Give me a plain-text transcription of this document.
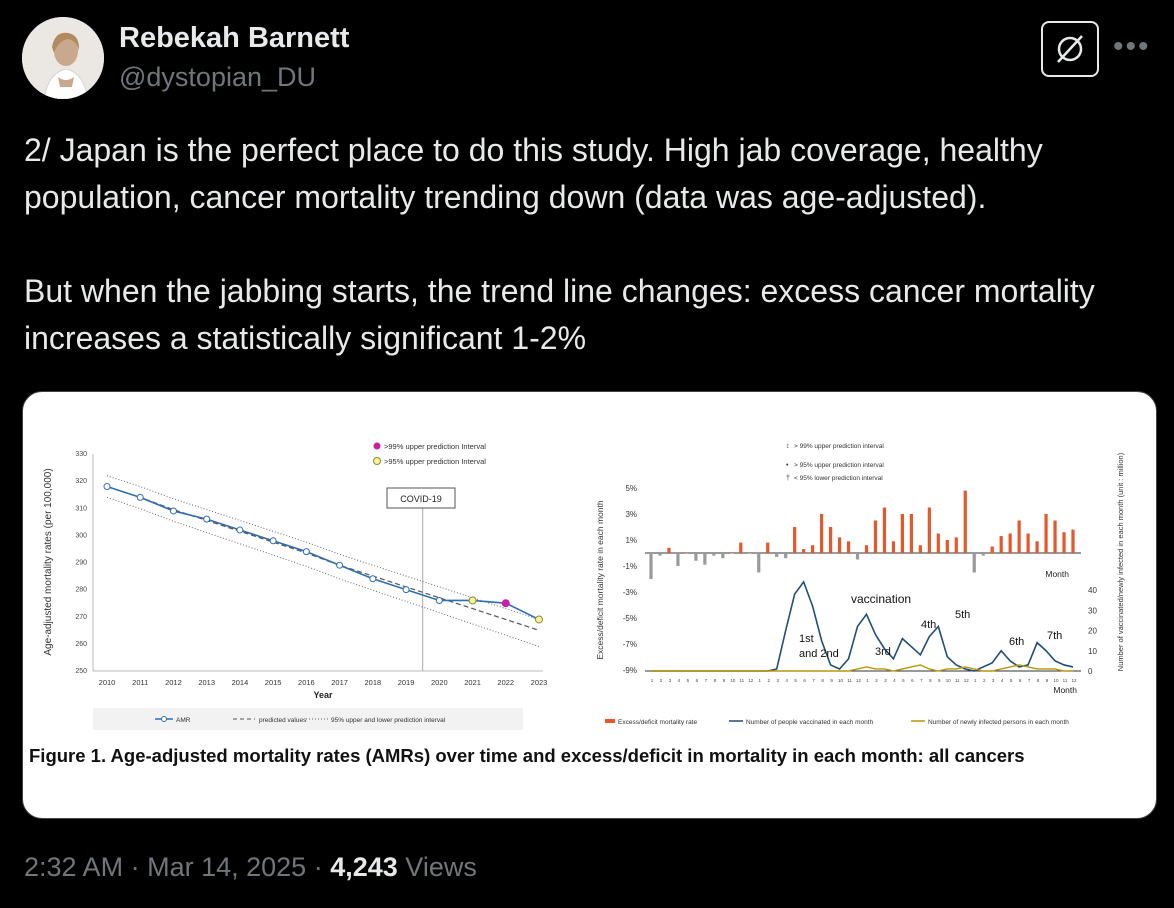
Rebekah Barnett
@dystopian_DU
•••

2/ Japan is the perfect place to do this study. High jab coverage, healthy population, cancer mortality trending down (data was age-adjusted).

But when the jabbing starts, the trend line changes: excess cancer mortality increases a statistically significant 1-2%

Age-adjusted mortality rates (per 100,000)
250
260
270
280
290
300
310
320
330
2010 2011 2012 2013 2014 2015 2016 2017 2018 2019 2020 2021 2022 2023
Year
COVID-19
>99% upper prediction Interval
>95% upper prediction Interval
AMR	predicted values	95% upper and lower prediction interval
↕ > 99% upper prediction interval
• > 95% upper prediction interval
† < 95% lower prediction interval
Excess/deficit mortality rate in each month	Number of vaccinated/newly infected in each month (unit : million)
5%
3%
1%
-1%
-3%
-5%
-7%
-9%	0
10
20
30
40
1 2 3 4 5 6 7 8 9 10 11 12 1 2 3 4 5 6 7 8 9 10 11 12 1 2 3 4 5 6 7 8 9 10 11 12 1 2 3 4 5 6 7 8 9 10 11 12
Month
Month
vaccination
1st
and 2nd	3rd
4th
5th
6th 7th
Excess/deficit mortality rate	Number of people vaccinated in each month	Number of newly infected persons in each month
Figure 1. Age-adjusted mortality rates (AMRs) over time and excess/deficit in mortality in each month: all cancers
2:32 AM · Mar 14, 2025 · 4,243 Views
